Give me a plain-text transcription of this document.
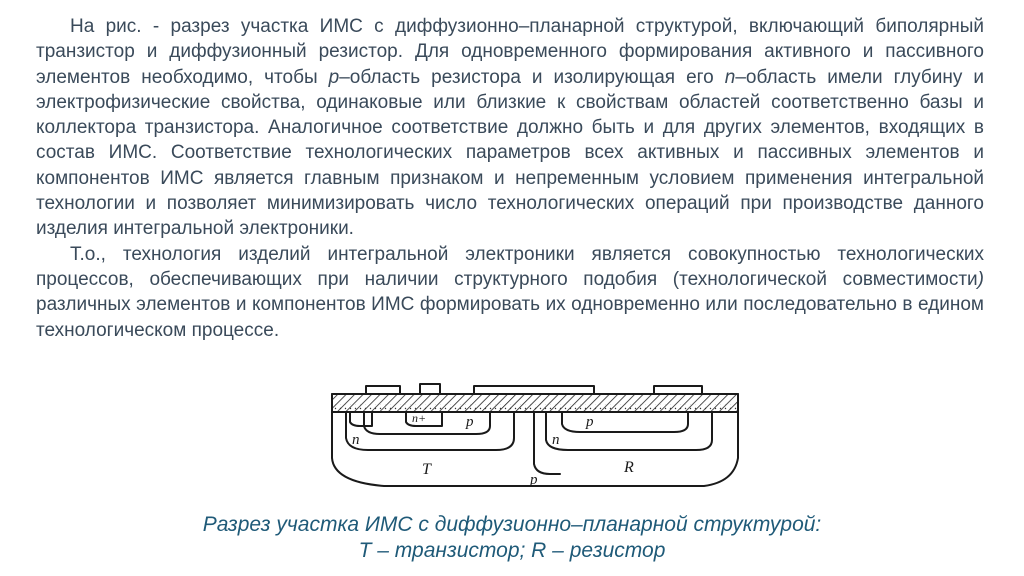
На рис. - разрез участка ИМС с диффузионно–планарной структурой, включающий биполярный транзистор и диффузионный резистор. Для одновременного формирования активного и пассивного элементов необходимо, чтобы p–область резистора и изолирующая его n–область имели глубину и электрофизические свойства, одинаковые или близкие к свойствам областей соответственно базы и коллектора транзистора. Аналогичное соответствие должно быть и для других элементов, входящих в состав ИМС. Соответствие технологических параметров всех активных и пассивных элементов и компонентов ИМС является главным признаком и непременным условием применения интегральной технологии и позволяет минимизировать число технологических операций при производстве данного изделия интегральной электроники.

Т.о., технология изделий интегральной электроники является совокупностью технологических процессов, обеспечивающих при наличии структурного подобия (технологической совместимости) различных элементов и компонентов ИМС формировать их одновременно или последовательно в едином технологическом процессе.

n
n+	p
T
p
n
p
R
Разрез участка ИМС с диффузионно–планарной структурой:
Т – транзистор; R – резистор
